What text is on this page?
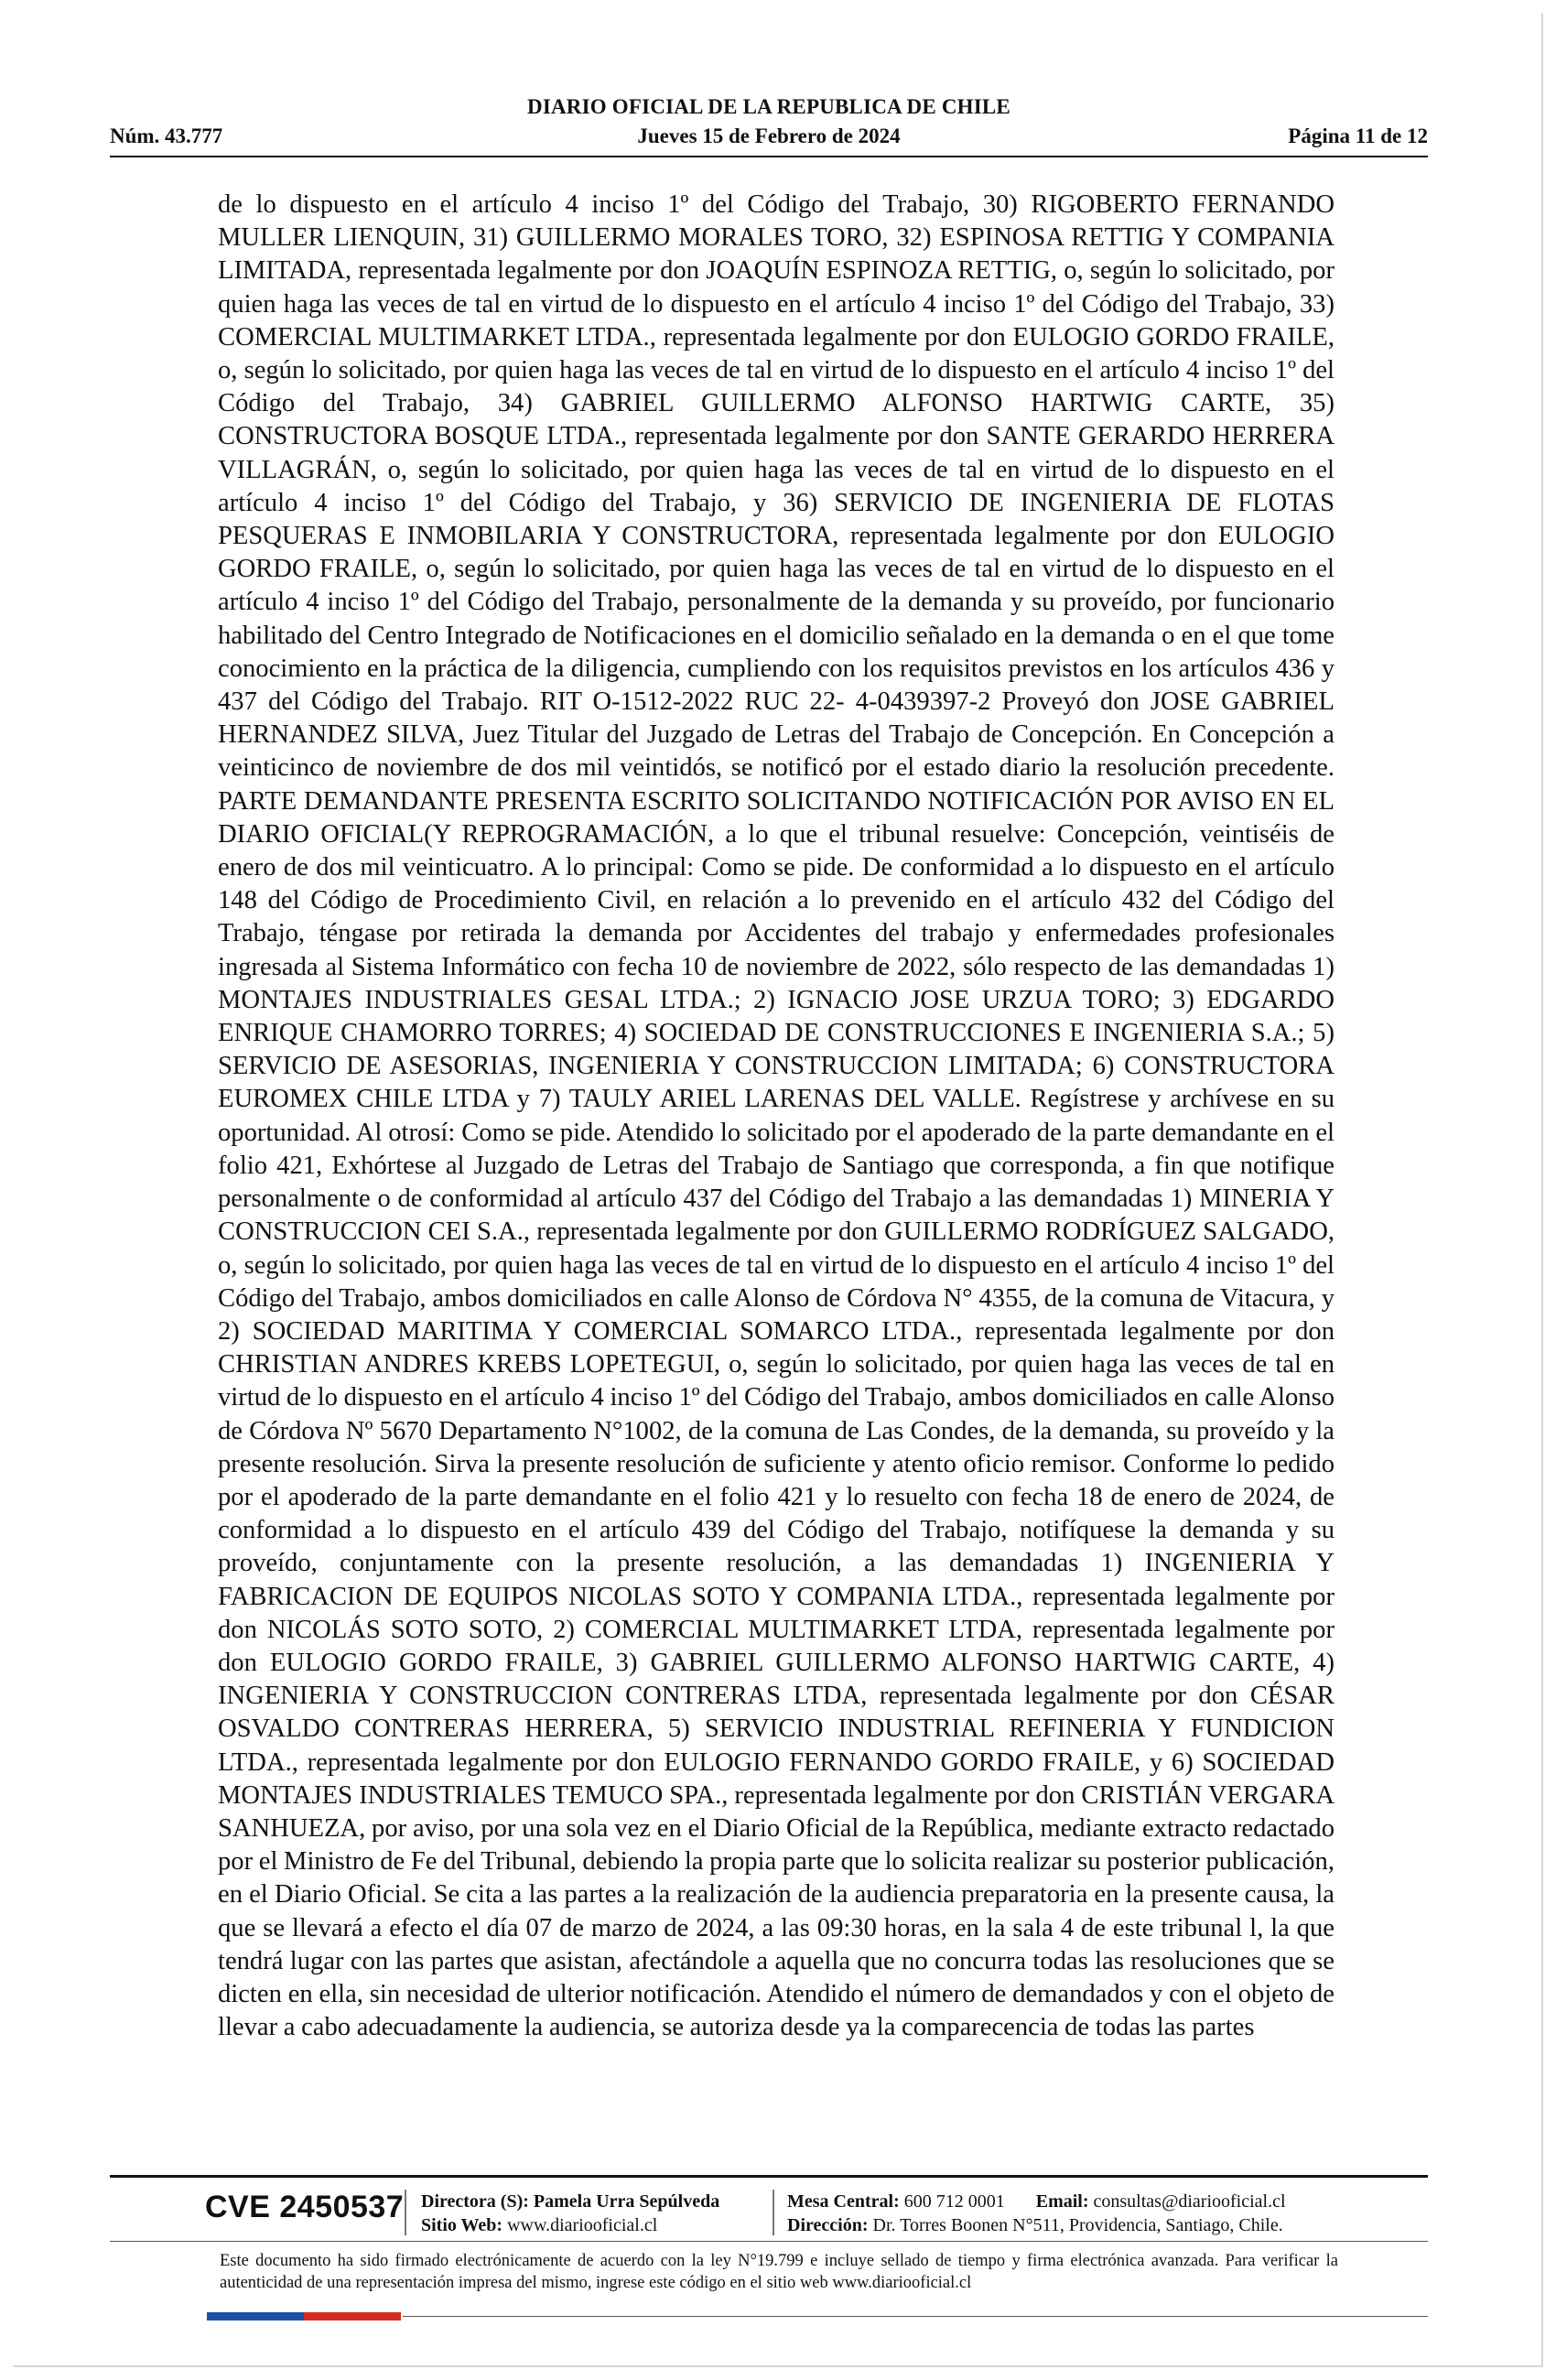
DIARIO OFICIAL DE LA REPUBLICA DE CHILE
Núm. 43.777	Jueves 15 de Febrero de 2024	Página 11 de 12

de lo dispuesto en el artículo 4 inciso 1º del Código del Trabajo, 30) RIGOBERTO FERNANDO MULLER LIENQUIN, 31) GUILLERMO MORALES TORO, 32) ESPINOSA RETTIG Y COMPANIA LIMITADA, representada legalmente por don JOAQUÍN ESPINOZA RETTIG, o, según lo solicitado, por quien haga las veces de tal en virtud de lo dispuesto en el artículo 4 inciso 1º del Código del Trabajo, 33) COMERCIAL MULTIMARKET LTDA., representada legalmente por don EULOGIO GORDO FRAILE, o, según lo solicitado, por quien haga las veces de tal en virtud de lo dispuesto en el artículo 4 inciso 1º del Código del Trabajo, 34) GABRIEL GUILLERMO ALFONSO HARTWIG CARTE, 35) CONSTRUCTORA BOSQUE LTDA., representada legalmente por don SANTE GERARDO HERRERA VILLAGRÁN, o, según lo solicitado, por quien haga las veces de tal en virtud de lo dispuesto en el artículo 4 inciso 1º del Código del Trabajo, y 36) SERVICIO DE INGENIERIA DE FLOTAS PESQUERAS E INMOBILARIA Y CONSTRUCTORA, representada legalmente por don EULOGIO GORDO FRAILE, o, según lo solicitado, por quien haga las veces de tal en virtud de lo dispuesto en el artículo 4 inciso 1º del Código del Trabajo, personalmente de la demanda y su proveído, por funcionario habilitado del Centro Integrado de Notificaciones en el domicilio señalado en la demanda o en el que tome conocimiento en la práctica de la diligencia, cumpliendo con los requisitos previstos en los artículos 436 y 437 del Código del Trabajo. RIT O-1512-2022 RUC 22- 4-0439397-2 Proveyó don JOSE GABRIEL HERNANDEZ SILVA, Juez Titular del Juzgado de Letras del Trabajo de Concepción. En Concepción a veinticinco de noviembre de dos mil veintidós, se notificó por el estado diario la resolución precedente. PARTE DEMANDANTE PRESENTA ESCRITO SOLICITANDO NOTIFICACIÓN POR AVISO EN EL DIARIO OFICIAL(Y REPROGRAMACIÓN, a lo que el tribunal resuelve: Concepción, veintiséis de enero de dos mil veinticuatro. A lo principal: Como se pide. De conformidad a lo dispuesto en el artículo 148 del Código de Procedimiento Civil, en relación a lo prevenido en el artículo 432 del Código del Trabajo, téngase por retirada la demanda por Accidentes del trabajo y enfermedades profesionales ingresada al Sistema Informático con fecha 10 de noviembre de 2022, sólo respecto de las demandadas 1) MONTAJES INDUSTRIALES GESAL LTDA.; 2) IGNACIO JOSE URZUA TORO; 3) EDGARDO ENRIQUE CHAMORRO TORRES; 4) SOCIEDAD DE CONSTRUCCIONES E INGENIERIA S.A.; 5) SERVICIO DE ASESORIAS, INGENIERIA Y CONSTRUCCION LIMITADA; 6) CONSTRUCTORA EUROMEX CHILE LTDA y 7) TAULY ARIEL LARENAS DEL VALLE. Regístrese y archívese en su oportunidad. Al otrosí: Como se pide. Atendido lo solicitado por el apoderado de la parte demandante en el folio 421, Exhórtese al Juzgado de Letras del Trabajo de Santiago que corresponda, a fin que notifique personalmente o de conformidad al artículo 437 del Código del Trabajo a las demandadas 1) MINERIA Y CONSTRUCCION CEI S.A., representada legalmente por don GUILLERMO RODRÍGUEZ SALGADO, o, según lo solicitado, por quien haga las veces de tal en virtud de lo dispuesto en el artículo 4 inciso 1º del Código del Trabajo, ambos domiciliados en calle Alonso de Córdova N° 4355, de la comuna de Vitacura, y 2) SOCIEDAD MARITIMA Y COMERCIAL SOMARCO LTDA., representada legalmente por don CHRISTIAN ANDRES KREBS LOPETEGUI, o, según lo solicitado, por quien haga las veces de tal en virtud de lo dispuesto en el artículo 4 inciso 1º del Código del Trabajo, ambos domiciliados en calle Alonso de Córdova Nº 5670 Departamento N°1002, de la comuna de Las Condes, de la demanda, su proveído y la presente resolución. Sirva la presente resolución de suficiente y atento oficio remisor. Conforme lo pedido por el apoderado de la parte demandante en el folio 421 y lo resuelto con fecha 18 de enero de 2024, de conformidad a lo dispuesto en el artículo 439 del Código del Trabajo, notifíquese la demanda y su proveído, conjuntamente con la presente resolución, a las demandadas 1) INGENIERIA Y FABRICACION DE EQUIPOS NICOLAS SOTO Y COMPANIA LTDA., representada legalmente por don NICOLÁS SOTO SOTO, 2) COMERCIAL MULTIMARKET LTDA, representada legalmente por don EULOGIO GORDO FRAILE, 3) GABRIEL GUILLERMO ALFONSO HARTWIG CARTE, 4) INGENIERIA Y CONSTRUCCION CONTRERAS LTDA, representada legalmente por don CÉSAR OSVALDO CONTRERAS HERRERA, 5) SERVICIO INDUSTRIAL REFINERIA Y FUNDICION LTDA., representada legalmente por don EULOGIO FERNANDO GORDO FRAILE, y 6) SOCIEDAD MONTAJES INDUSTRIALES TEMUCO SPA., representada legalmente por don CRISTIÁN VERGARA SANHUEZA, por aviso, por una sola vez en el Diario Oficial de la República, mediante extracto redactado por el Ministro de Fe del Tribunal, debiendo la propia parte que lo solicita realizar su posterior publicación, en el Diario Oficial. Se cita a las partes a la realización de la audiencia preparatoria en la presente causa, la que se llevará a efecto el día 07 de marzo de 2024, a las 09:30 horas, en la sala 4 de este tribunal l, la que tendrá lugar con las partes que asistan, afectándole a aquella que no concurra todas las resoluciones que se dicten en ella, sin necesidad de ulterior notificación. Atendido el número de demandados y con el objeto de llevar a cabo adecuadamente la audiencia, se autoriza desde ya la comparecencia de todas las partes

CVE 2450537 Directora (S): Pamela Urra Sepúlveda
Sitio Web: www.diariooficial.cl
Mesa Central: 600 712 0001 Email: consultas@diariooficial.cl
Dirección: Dr. Torres Boonen N°511, Providencia, Santiago, Chile.
Este documento ha sido firmado electrónicamente de acuerdo con la ley N°19.799 e incluye sellado de tiempo y firma electrónica avanzada. Para verificar la autenticidad de una representación impresa del mismo, ingrese este código en el sitio web www.diariooficial.cl
